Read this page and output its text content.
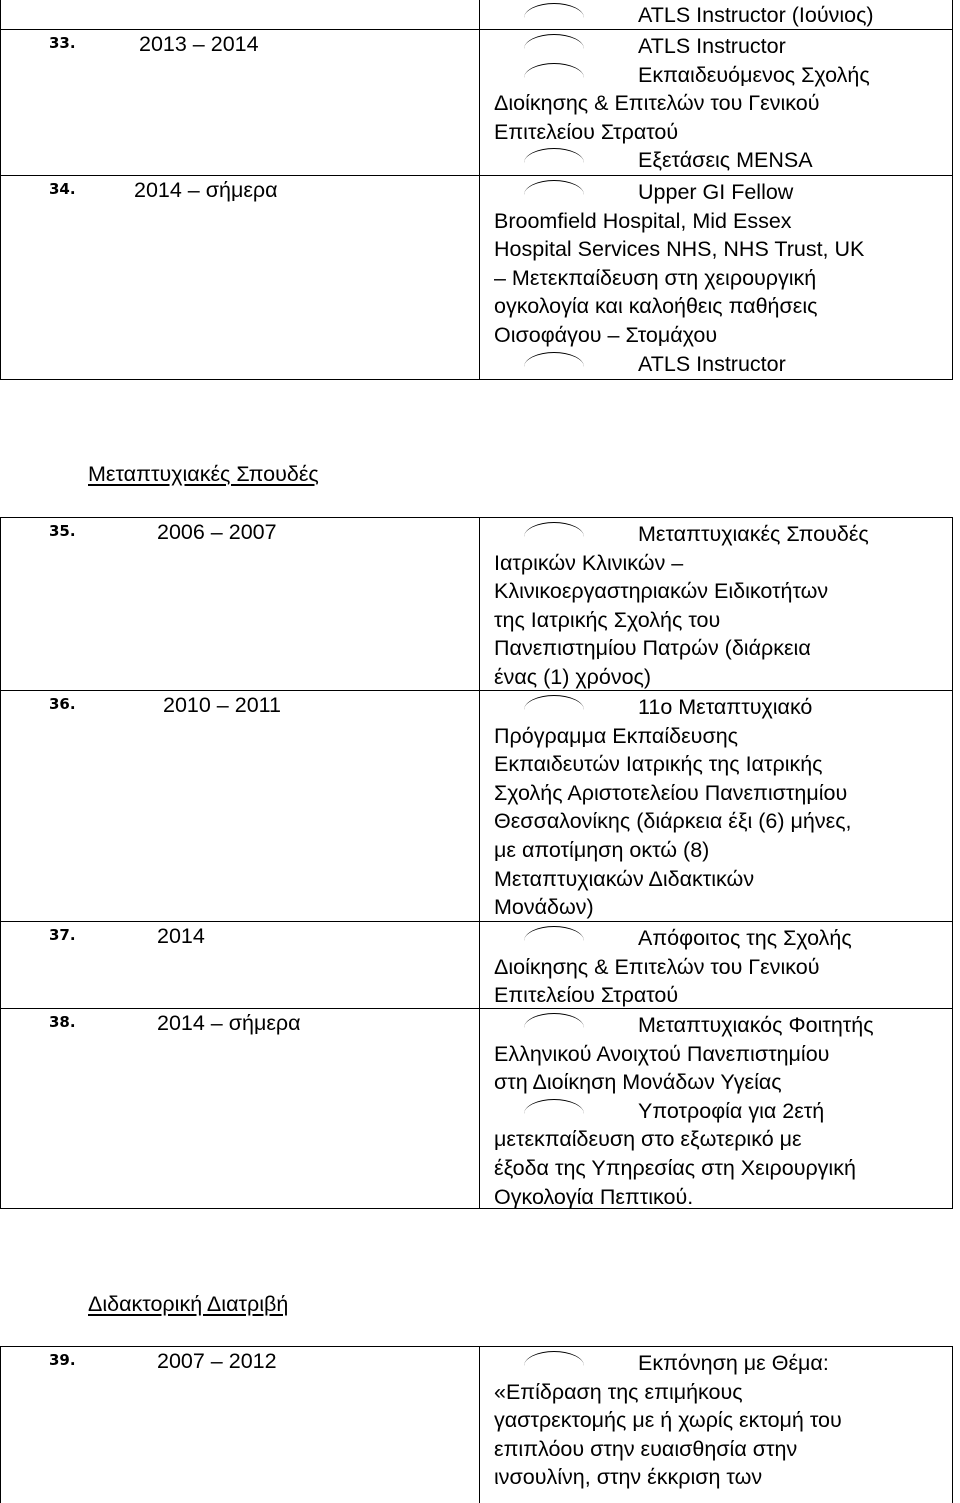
ATLS Instructor (Ιούνιος)
33.	2013 – 2014	ATLS Instructor
Εκπαιδευόμενος Σχολής
Διοίκησης & Επιτελών του Γενικού
Επιτελείου Στρατού
Εξετάσεις MENSA
34.	2014 – σήμερα	Upper GI Fellow
Broomfield Hospital, Mid Essex
Hospital Services NHS, NHS Trust, UK
– Μετεκπαίδευση στη χειρουργική
ογκολογία και καλοήθεις παθήσεις
Οισοφάγου – Στομάχου
ATLS Instructor
Μεταπτυχιακές Σπουδές
35.	2006 – 2007	Μεταπτυχιακές Σπουδές
Ιατρικών Κλινικών –
Κλινικοεργαστηριακών Ειδικοτήτων
της Ιατρικής Σχολής του
Πανεπιστημίου Πατρών (διάρκεια
ένας (1) χρόνος)
36.	2010 – 2011	11ο Μεταπτυχιακό
Πρόγραμμα Εκπαίδευσης
Εκπαιδευτών Ιατρικής της Ιατρικής
Σχολής Αριστοτελείου Πανεπιστημίου
Θεσσαλονίκης (διάρκεια έξι (6) μήνες,
με αποτίμηση οκτώ (8)
Μεταπτυχιακών Διδακτικών
Μονάδων)
37.	2014	Απόφοιτος της Σχολής
Διοίκησης & Επιτελών του Γενικού
Επιτελείου Στρατού
38.	2014 – σήμερα	Μεταπτυχιακός Φοιτητής
Ελληνικού Ανοιχτού Πανεπιστημίου
στη Διοίκηση Μονάδων Υγείας
Υποτροφία για 2ετή
μετεκπαίδευση στο εξωτερικό με
έξοδα της Υπηρεσίας στη Χειρουργική
Ογκολογία Πεπτικού.
Διδακτορική Διατριβή
39.	2007 – 2012	Εκπόνηση με Θέμα:
«Επίδραση της επιμήκους
γαστρεκτομής με ή χωρίς εκτομή του
επιπλόου στην ευαισθησία στην
ινσουλίνη, στην έκκριση των
